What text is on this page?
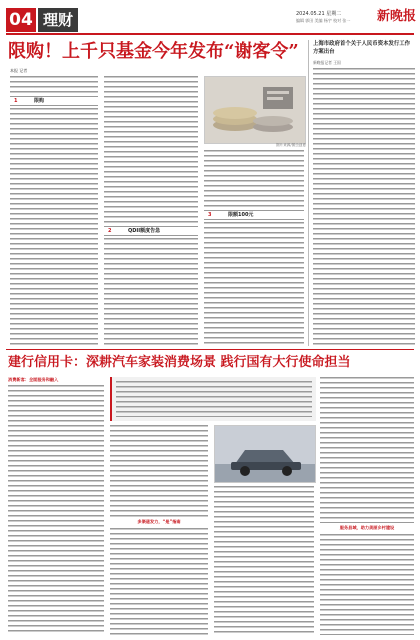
04 理财	2024.05.21 星期二
编辑 郭田 美编 杨宇 校对 张一	新晚报
限购！上千只基金今年发布“谢客令”
本报 记者
1	限购
2	QDII额度告急
图片来源/图虫创意
3	限额100元
上海市政府首个关于人民币资本发行工作方案出台
新晚报记者 王国
建行信用卡：深耕汽车家装消费场景 践行国有大行使命担当
消费新客：全面服务和融入
多渠道发力，“是”指南
服务县域，助力美丽乡村建设
